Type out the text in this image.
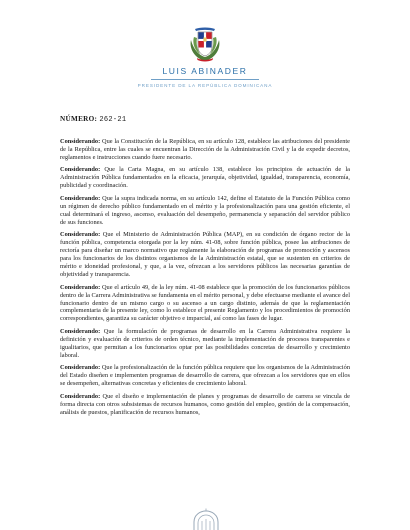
LUIS ABINADER
PRESIDENTE DE LA REPÚBLICA DOMINICANA
NÚMERO: 262-21

Considerando: Que la Constitución de la República, en su artículo 128, establece las atribuciones del presidente de la República, entre las cuales se encuentran la Dirección de la Administración Civil y la de expedir decretos, reglamentos e instrucciones cuando fuere necesario.

Considerando: Que la Carta Magna, en su artículo 138, establece los principios de actuación de la Administración Pública fundamentados en la eficacia, jerarquía, objetividad, igualdad, transparencia, economía, publicidad y coordinación.

Considerando: Que la supra indicada norma, en su artículo 142, define el Estatuto de la Función Pública como un régimen de derecho público fundamentado en el mérito y la profesionalización para una gestión eficiente, el cual determinará el ingreso, ascenso, evaluación del desempeño, permanencia y separación del servidor público de sus funciones.

Considerando: Que el Ministerio de Administración Pública (MAP), en su condición de órgano rector de la función pública, competencia otorgada por la ley núm. 41-08, sobre función pública, posee las atribuciones de rectoría para diseñar un marco normativo que reglamente la elaboración de programas de promoción y ascensos para los funcionarios de los distintos organismos de la Administración estatal, que se sustenten en criterios de mérito e idoneidad profesional, y que, a la vez, ofrezcan a los servidores públicos las necesarias garantías de objetividad y transparencia.

Considerando: Que el artículo 49, de la ley núm. 41-08 establece que la promoción de los funcionarios públicos dentro de la Carrera Administrativa se fundamenta en el mérito personal, y debe efectuarse mediante el avance del funcionario dentro de un mismo cargo o su ascenso a un cargo distinto, además de que la reglamentación complementaria de la presente ley, como lo establece el presente Reglamento y los procedimientos de promoción correspondientes, garantiza su carácter objetivo e imparcial, así como las fases de lugar.

Considerando: Que la formulación de programas de desarrollo en la Carrera Administrativa requiere la definición y evaluación de criterios de orden técnico, mediante la implementación de procesos transparentes e igualitarios, que permitan a los funcionarios optar por las posibilidades concretas de desarrollo y crecimiento laboral.

Considerando: Que la profesionalización de la función pública requiere que los organismos de la Administración del Estado diseñen e implementen programas de desarrollo de carrera, que ofrezcan a los servidores que en ellos se desempeñen, alternativas concretas y eficientes de crecimiento laboral.

Considerando: Que el diseño e implementación de planes y programas de desarrollo de carrera se vincula de forma directa con otros subsistemas de recursos humanos, como gestión del empleo, gestión de la compensación, análisis de puestos, planificación de recursos humanos,
